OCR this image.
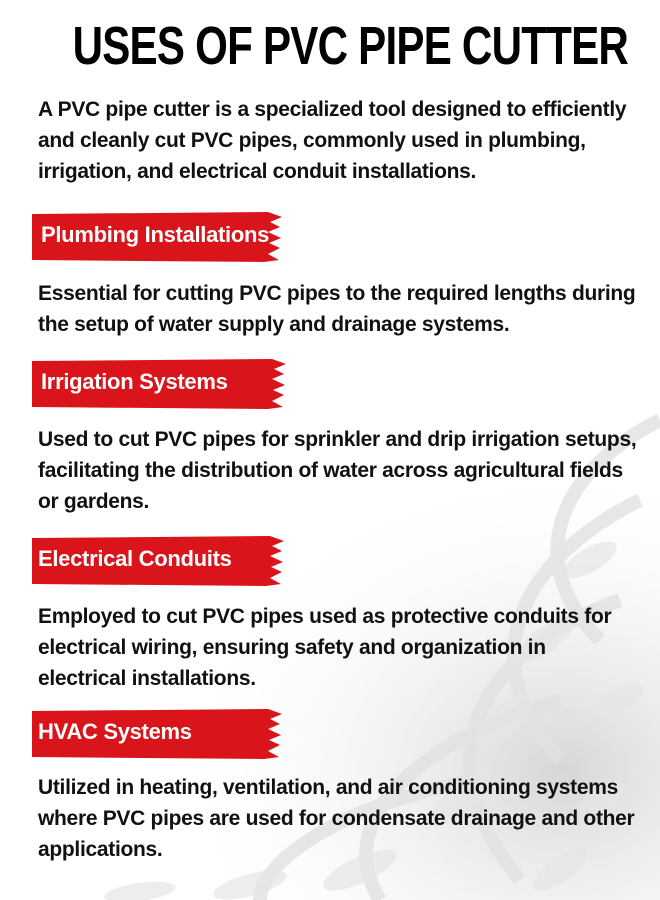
USES OF PVC PIPE CUTTER
A PVC pipe cutter is a specialized tool designed to efficiently and cleanly cut PVC pipes, commonly used in plumbing, irrigation, and electrical conduit installations.
Plumbing Installations
Essential for cutting PVC pipes to the required lengths during the setup of water supply and drainage systems.
Irrigation Systems
Used to cut PVC pipes for sprinkler and drip irrigation setups, facilitating the distribution of water across agricultural fields or gardens.
Electrical Conduits
Employed to cut PVC pipes used as protective conduits for electrical wiring, ensuring safety and organization in electrical installations.
HVAC Systems
Utilized in heating, ventilation, and air conditioning systems where PVC pipes are used for condensate drainage and other applications.
